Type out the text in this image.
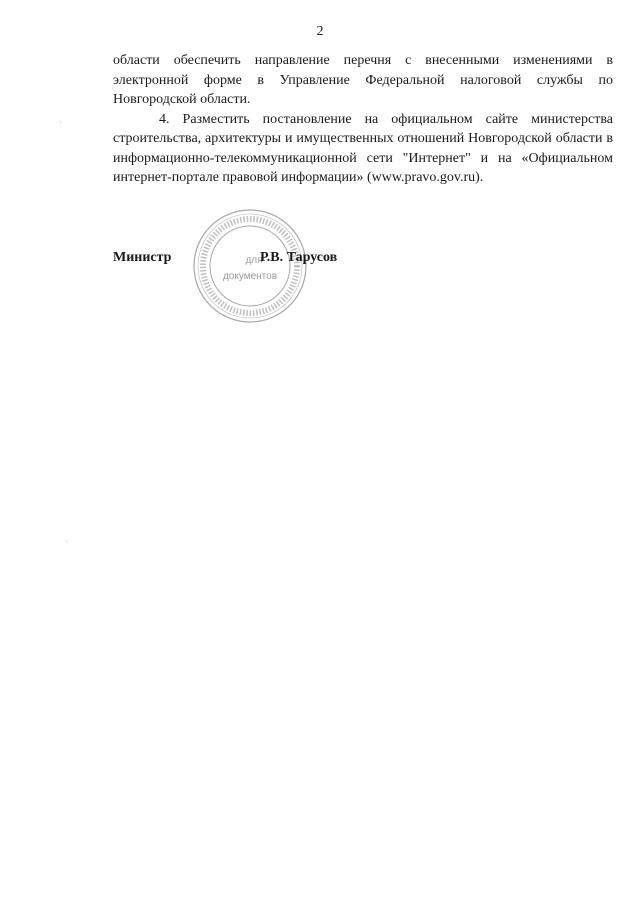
2

области обеспечить направление перечня с внесенными изменениями в электронной форме в Управление Федеральной налоговой службы по Новгородской области.

4. Разместить постановление на официальном сайте министерства строительства, архитектуры и имущественных отношений Новгородской области в информационно-телекоммуникационной сети "Интернет" и на «Официальном интернет-портале правовой информации» (www.pravo.gov.ru).

для
документов
Министр	Р.В. Тарусов
